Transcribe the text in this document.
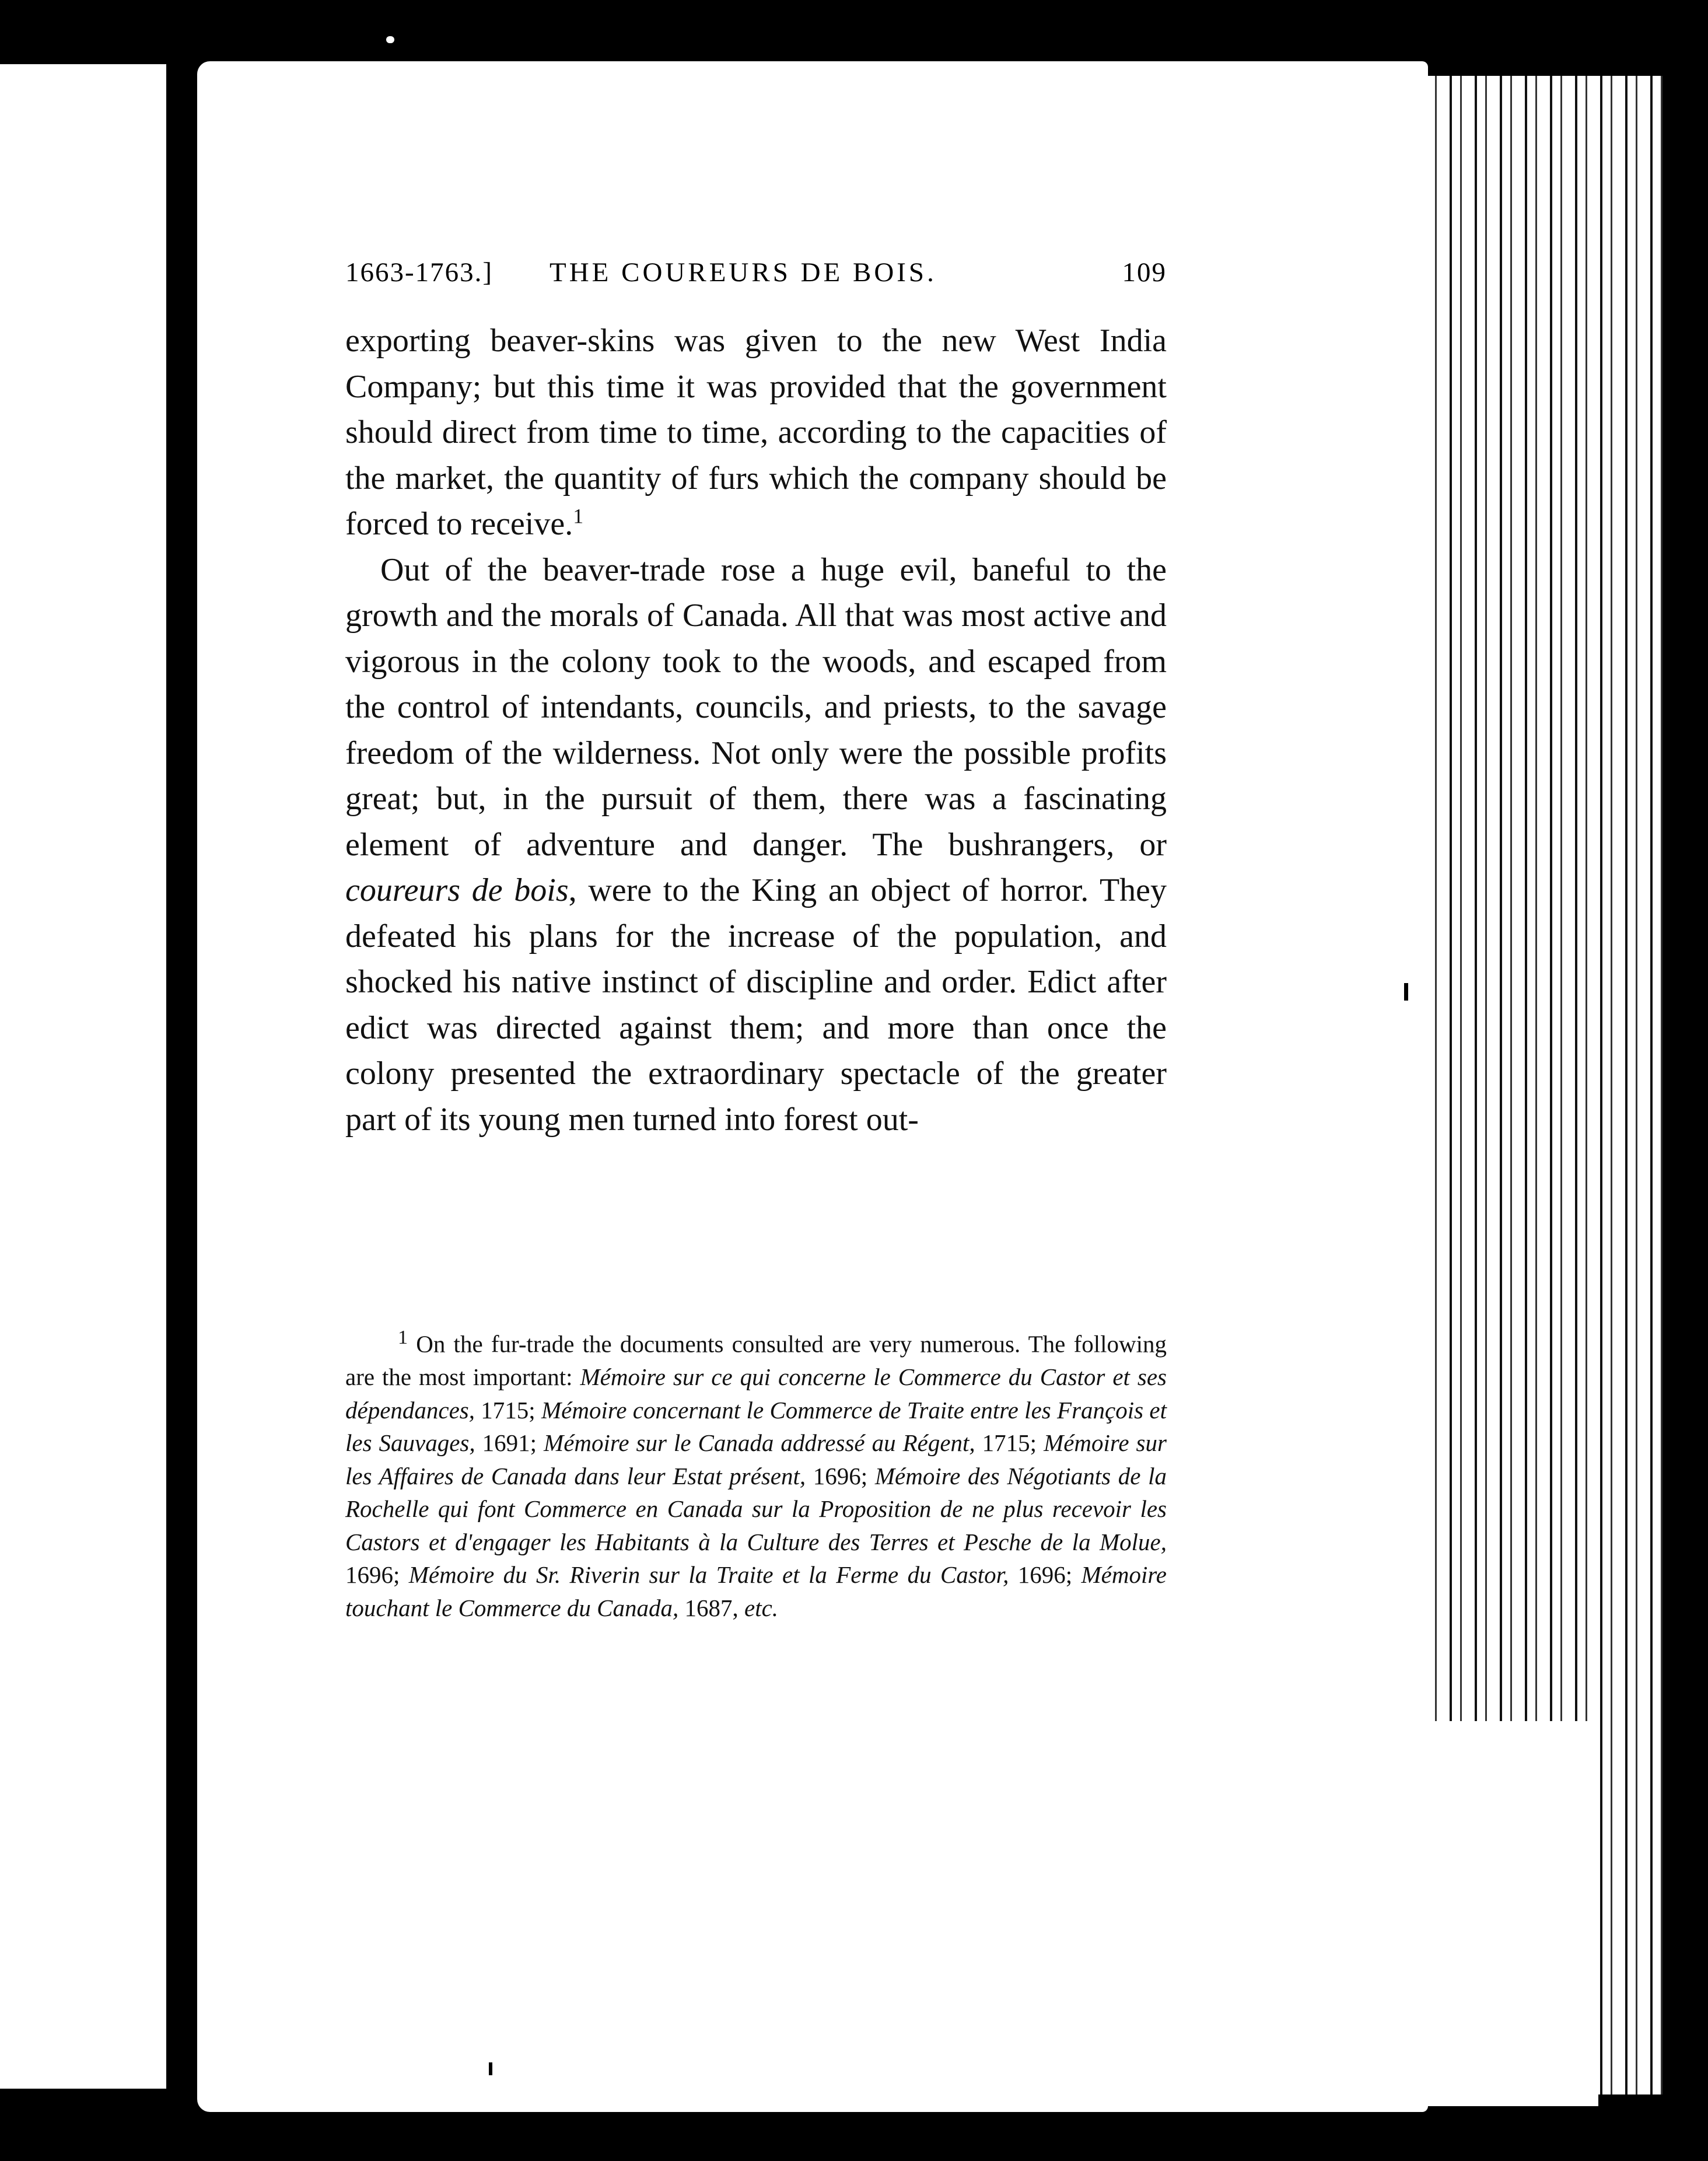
1663-1763.] THE COUREURS DE BOIS.	109

exporting beaver-skins was given to the new West India Company; but this time it was provided that the government should direct from time to time, according to the capacities of the market, the quantity of furs which the company should be forced to receive.$^1$

Out of the beaver-trade rose a huge evil, baneful to the growth and the morals of Canada. All that was most active and vigorous in the colony took to the woods, and escaped from the control of intendants, councils, and priests, to the savage freedom of the wilderness. Not only were the possible profits great; but, in the pursuit of them, there was a fascinating element of adventure and danger. The bushrangers, or coureurs de bois, were to the King an object of horror. They defeated his plans for the increase of the population, and shocked his native instinct of discipline and order. Edict after edict was directed against them; and more than once the colony presented the extraordinary spectacle of the greater part of its young men turned into forest out-

$^1$ On the fur-trade the documents consulted are very numerous. The following are the most important: Mémoire sur ce qui concerne le Commerce du Castor et ses dépendances, 1715; Mémoire concernant le Commerce de Traite entre les François et les Sauvages, 1691; Mémoire sur le Canada addressé au Régent, 1715; Mémoire sur les Affaires de Canada dans leur Estat présent, 1696; Mémoire des Négotiants de la Rochelle qui font Commerce en Canada sur la Proposition de ne plus recevoir les Castors et d'engager les Habitants à la Culture des Terres et Pesche de la Molue, 1696; Mémoire du Sr. Riverin sur la Traite et la Ferme du Castor, 1696; Mémoire touchant le Commerce du Canada, 1687, etc.
